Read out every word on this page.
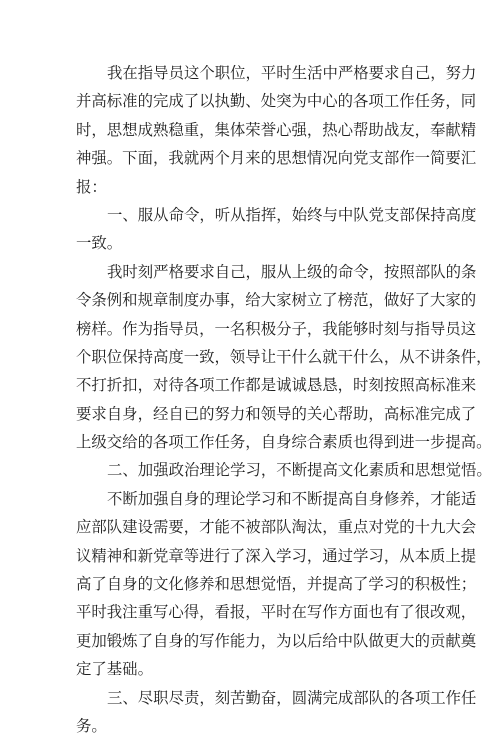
我在指导员这个职位，平时生活中严格要求自己，努力
并高标准的完成了以执勤、处突为中心的各项工作任务，同
时，思想成熟稳重，集体荣誉心强，热心帮助战友，奉献精
神强。下面，我就两个月来的思想情况向党支部作一简要汇
报：
一、服从命令，听从指挥，始终与中队党支部保持高度
一致。
我时刻严格要求自己，服从上级的命令，按照部队的条
令条例和规章制度办事，给大家树立了榜范，做好了大家的
榜样。作为指导员，一名积极分子，我能够时刻与指导员这
个职位保持高度一致，领导让干什么就干什么，从不讲条件，
不打折扣，对待各项工作都是诚诚恳恳，时刻按照高标准来
要求自身，经自已的努力和领导的关心帮助，高标准完成了
上级交给的各项工作任务，自身综合素质也得到进一步提高。
二、加强政治理论学习，不断提高文化素质和思想觉悟。
不断加强自身的理论学习和不断提高自身修养，才能适
应部队建设需要，才能不被部队淘汰，重点对党的十九大会
议精神和新党章等进行了深入学习，通过学习，从本质上提
高了自身的文化修养和思想觉悟，并提高了学习的积极性；
平时我注重写心得，看报，平时在写作方面也有了很改观，
更加锻炼了自身的写作能力，为以后给中队做更大的贡献奠
定了基础。
三、尽职尽责，刻苦勤奋，圆满完成部队的各项工作任
务。
